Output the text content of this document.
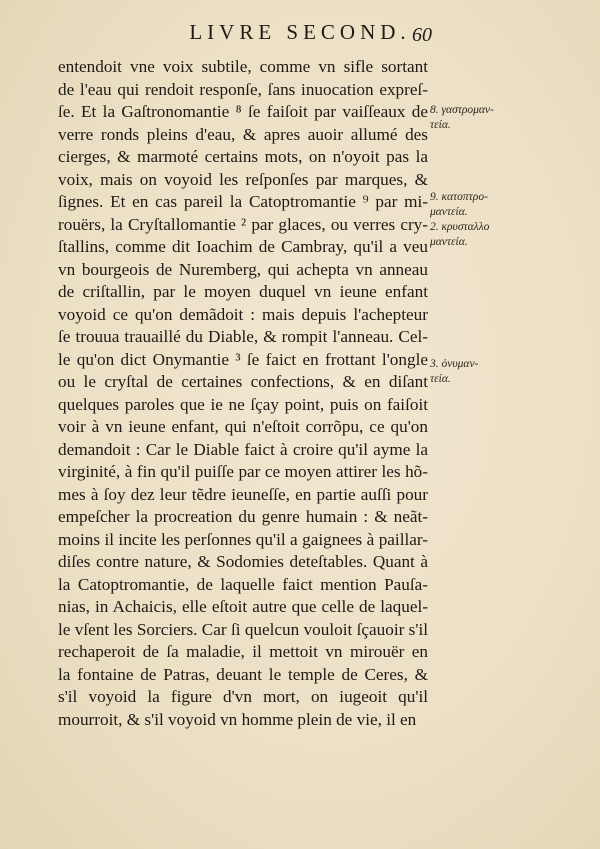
LIVRE SECOND. 60
entendoit vne voix subtile, comme vn sifle sortant
de l'eau qui rendoit responſe, ſans inuocation expreſ-
ſe. Et la Gaſtronomantie ⁸ ſe faiſoit par vaiſſeaux de
verre ronds pleins d'eau, & apres auoir allumé des
cierges, & marmoté certains mots, on n'oyoit pas la
voix, mais on voyoid les reſponſes par marques, &
ſignes. Et en cas pareil la Catoptromantie ⁹ par mi-
rouërs, la Cryſtallomantie ² par glaces, ou verres cry-
ſtallins, comme dit Ioachim de Cambray, qu'il a veu
vn bourgeois de Nuremberg, qui achepta vn anneau
de criſtallin, par le moyen duquel vn ieune enfant
voyoid ce qu'on demãdoit : mais depuis l'achepteur
ſe trouua trauaillé du Diable, & rompit l'anneau. Cel-
le qu'on dict Onymantie ³ ſe faict en frottant l'ongle
ou le cryſtal de certaines confections, & en diſant
quelques paroles que ie ne ſçay point, puis on faiſoit
voir à vn ieune enfant, qui n'eſtoit corrõpu, ce qu'on
demandoit : Car le Diable faict à croire qu'il ayme la
virginité, à fin qu'il puiſſe par ce moyen attirer les hõ-
mes à ſoy dez leur tẽdre ieuneſſe, en partie auſſi pour
empeſcher la procreation du genre humain : & neãt-
moins il incite les perſonnes qu'il a gaignees à paillar-
diſes contre nature, & Sodomies deteſtables. Quant à
la Catoptromantie, de laquelle faict mention Pauſa-
nias, in Achaicis, elle eſtoit autre que celle de laquel-
le vſent les Sorciers. Car ſi quelcun vouloit ſçauoir s'il
rechaperoit de ſa maladie, il mettoit vn mirouër en
la fontaine de Patras, deuant le temple de Ceres, &
s'il voyoid la figure d'vn mort, on iugeoit qu'il
mourroit, & s'il voyoid vn homme plein de vie, il en
8. γαστρομαν-
τεία.
9. κατοπτρο-
μαντεία.
2. κρυσταλλο
μαντεία.
3. ὀνυμαν-
τεία.
